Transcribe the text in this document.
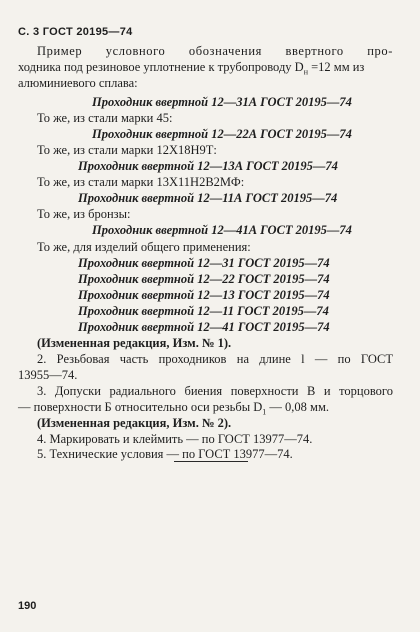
С. 3 ГОСТ 20195—74
Пример условного обозначения ввертного про-
ходника под резиновое уплотнение к трубопроводу $D_н =12$ мм из
алюминиевого сплава:
Проходник ввертной 12—31А ГОСТ 20195—74
То же, из стали марки 45:
Проходник ввертной 12—22А ГОСТ 20195—74
То же, из стали марки 12Х18Н9Т:
Проходник ввертной 12—13А ГОСТ 20195—74
То же, из стали марки 13Х11Н2В2МФ:
Проходник ввертной 12—11А ГОСТ 20195—74
То же, из бронзы:
Проходник ввертной 12—41А ГОСТ 20195—74
То же, для изделий общего применения:
Проходник ввертной 12—31 ГОСТ 20195—74
Проходник ввертной 12—22 ГОСТ 20195—74
Проходник ввертной 12—13 ГОСТ 20195—74
Проходник ввертной 12—11 ГОСТ 20195—74
Проходник ввертной 12—41 ГОСТ 20195—74
(Измененная редакция, Изм. № 1).
2. Резьбовая часть проходников на длине l — по ГОСТ
13955—74.
3. Допуски радиального биения поверхности В и торцового
— поверхности Б относительно оси резьбы $D_1$ — 0,08 мм.
(Измененная редакция, Изм. № 2).
4. Маркировать и клеймить — по ГОСТ 13977—74.
5. Технические условия — по ГОСТ 13977—74.
190
